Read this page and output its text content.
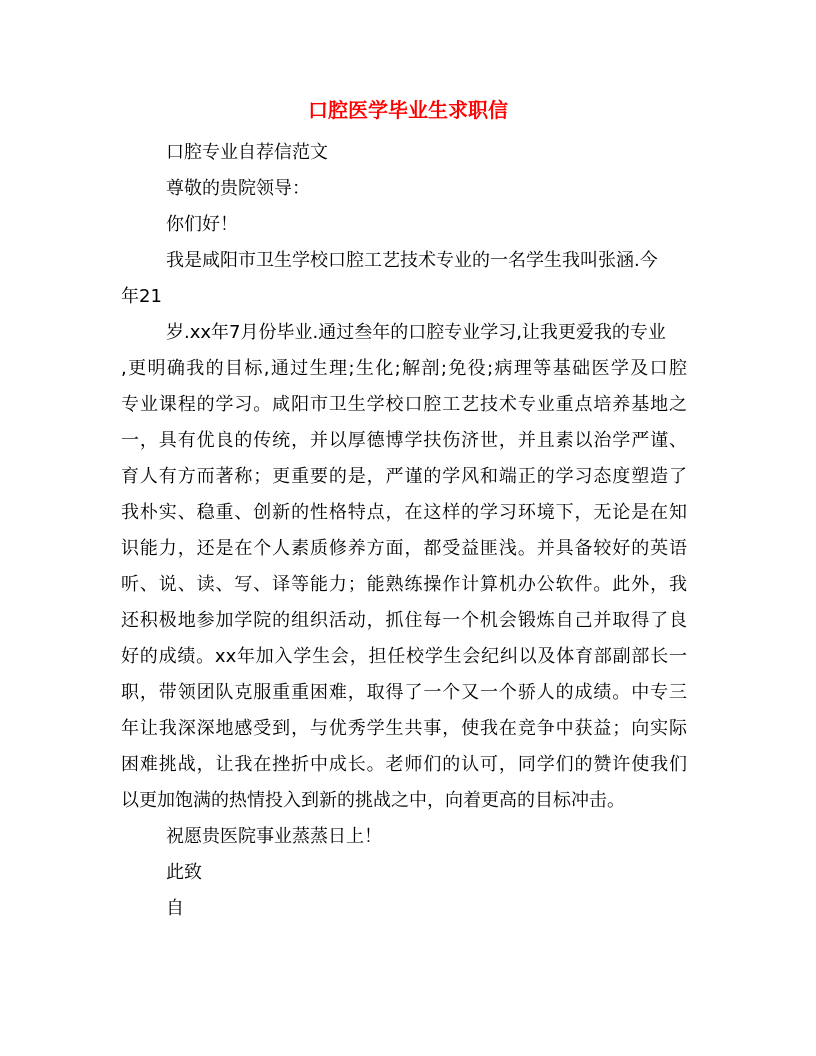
口腔医学毕业生求职信
口腔专业自荐信范文
尊敬的贵院领导：
你们好！
我是咸阳市卫生学校口腔工艺技术专业的一名学生我叫张涵.今
年21
岁.xx年7月份毕业.通过叁年的口腔专业学习,让我更爱我的专业
,更明确我的目标,通过生理;生化;解剖;免役;病理等基础医学及口腔
专业课程的学习。咸阳市卫生学校口腔工艺技术专业重点培养基地之
一，具有优良的传统，并以厚德博学扶伤济世，并且素以治学严谨、
育人有方而著称；更重要的是，严谨的学风和端正的学习态度塑造了
我朴实、稳重、创新的性格特点，在这样的学习环境下，无论是在知
识能力，还是在个人素质修养方面，都受益匪浅。并具备较好的英语
听、说、读、写、译等能力；能熟练操作计算机办公软件。此外，我
还积极地参加学院的组织活动，抓住每一个机会锻炼自己并取得了良
好的成绩。xx年加入学生会，担任校学生会纪纠以及体育部副部长一
职，带领团队克服重重困难，取得了一个又一个骄人的成绩。中专三
年让我深深地感受到，与优秀学生共事，使我在竞争中获益；向实际
困难挑战，让我在挫折中成长。老师们的认可，同学们的赞许使我们
以更加饱满的热情投入到新的挑战之中，向着更高的目标冲击。
祝愿贵医院事业蒸蒸日上！
此致
自
